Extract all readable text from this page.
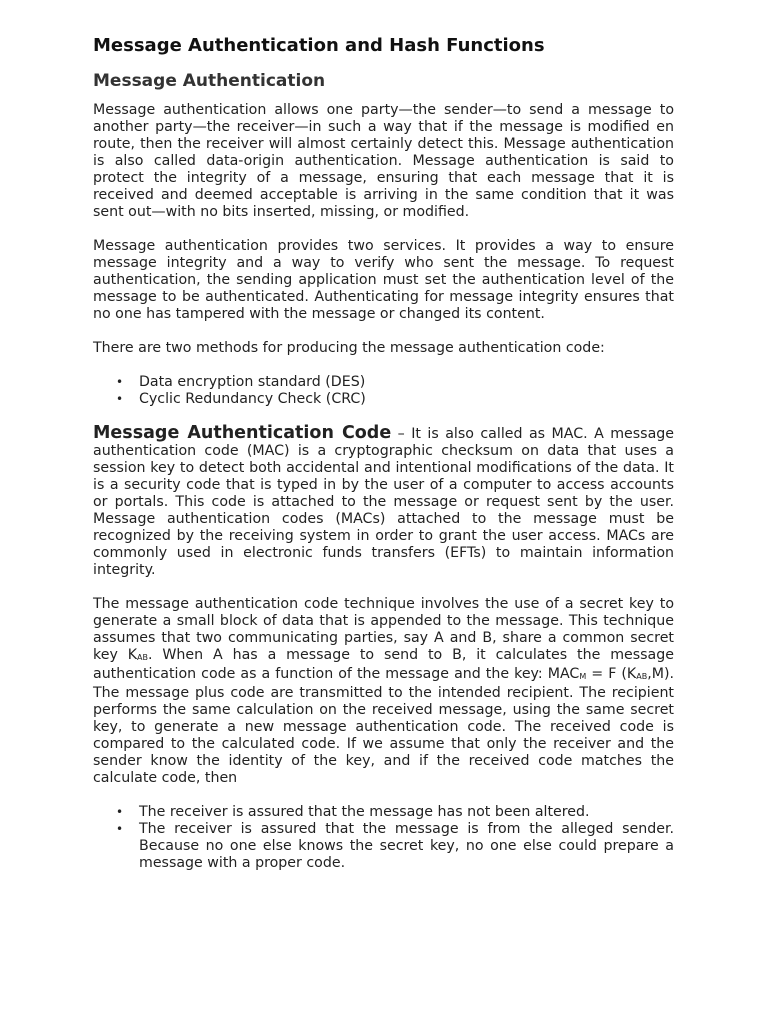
Message Authentication and Hash Functions
Message Authentication

Message authentication allows one party—the sender—to send a message to another party—the receiver—in such a way that if the message is modified en route, then the receiver will almost certainly detect this. Message authentication is also called data-origin authentication. Message authentication is said to protect the integrity of a message, ensuring that each message that it is received and deemed acceptable is arriving in the same condition that it was sent out—with no bits inserted, missing, or modified.

Message authentication provides two services. It provides a way to ensure message integrity and a way to verify who sent the message. To request authentication, the sending application must set the authentication level of the message to be authenticated. Authenticating for message integrity ensures that no one has tampered with the message or changed its content.

There are two methods for producing the message authentication code:

• Data encryption standard (DES)
• Cyclic Redundancy Check (CRC)

Message Authentication Code – It is also called as MAC. A message authentication code (MAC) is a cryptographic checksum on data that uses a session key to detect both accidental and intentional modifications of the data. It is a security code that is typed in by the user of a computer to access accounts or portals. This code is attached to the message or request sent by the user. Message authentication codes (MACs) attached to the message must be recognized by the receiving system in order to grant the user access. MACs are commonly used in electronic funds transfers (EFTs) to maintain information integrity.

The message authentication code technique involves the use of a secret key to generate a small block of data that is appended to the message. This technique assumes that two communicating parties, say A and B, share a common secret key $K_{AB}$. When A has a message to send to B, it calculates the message authentication code as a function of the message and the key: $MAC_M = F$ $(K_{AB},M)$. The message plus code are transmitted to the intended recipient. The recipient performs the same calculation on the received message, using the same secret key, to generate a new message authentication code. The received code is compared to the calculated code. If we assume that only the receiver and the sender know the identity of the key, and if the received code matches the calculate code, then

• The receiver is assured that the message has not been altered.
• The receiver is assured that the message is from the alleged sender. Because no one else knows the secret key, no one else could prepare a message with a proper code.
